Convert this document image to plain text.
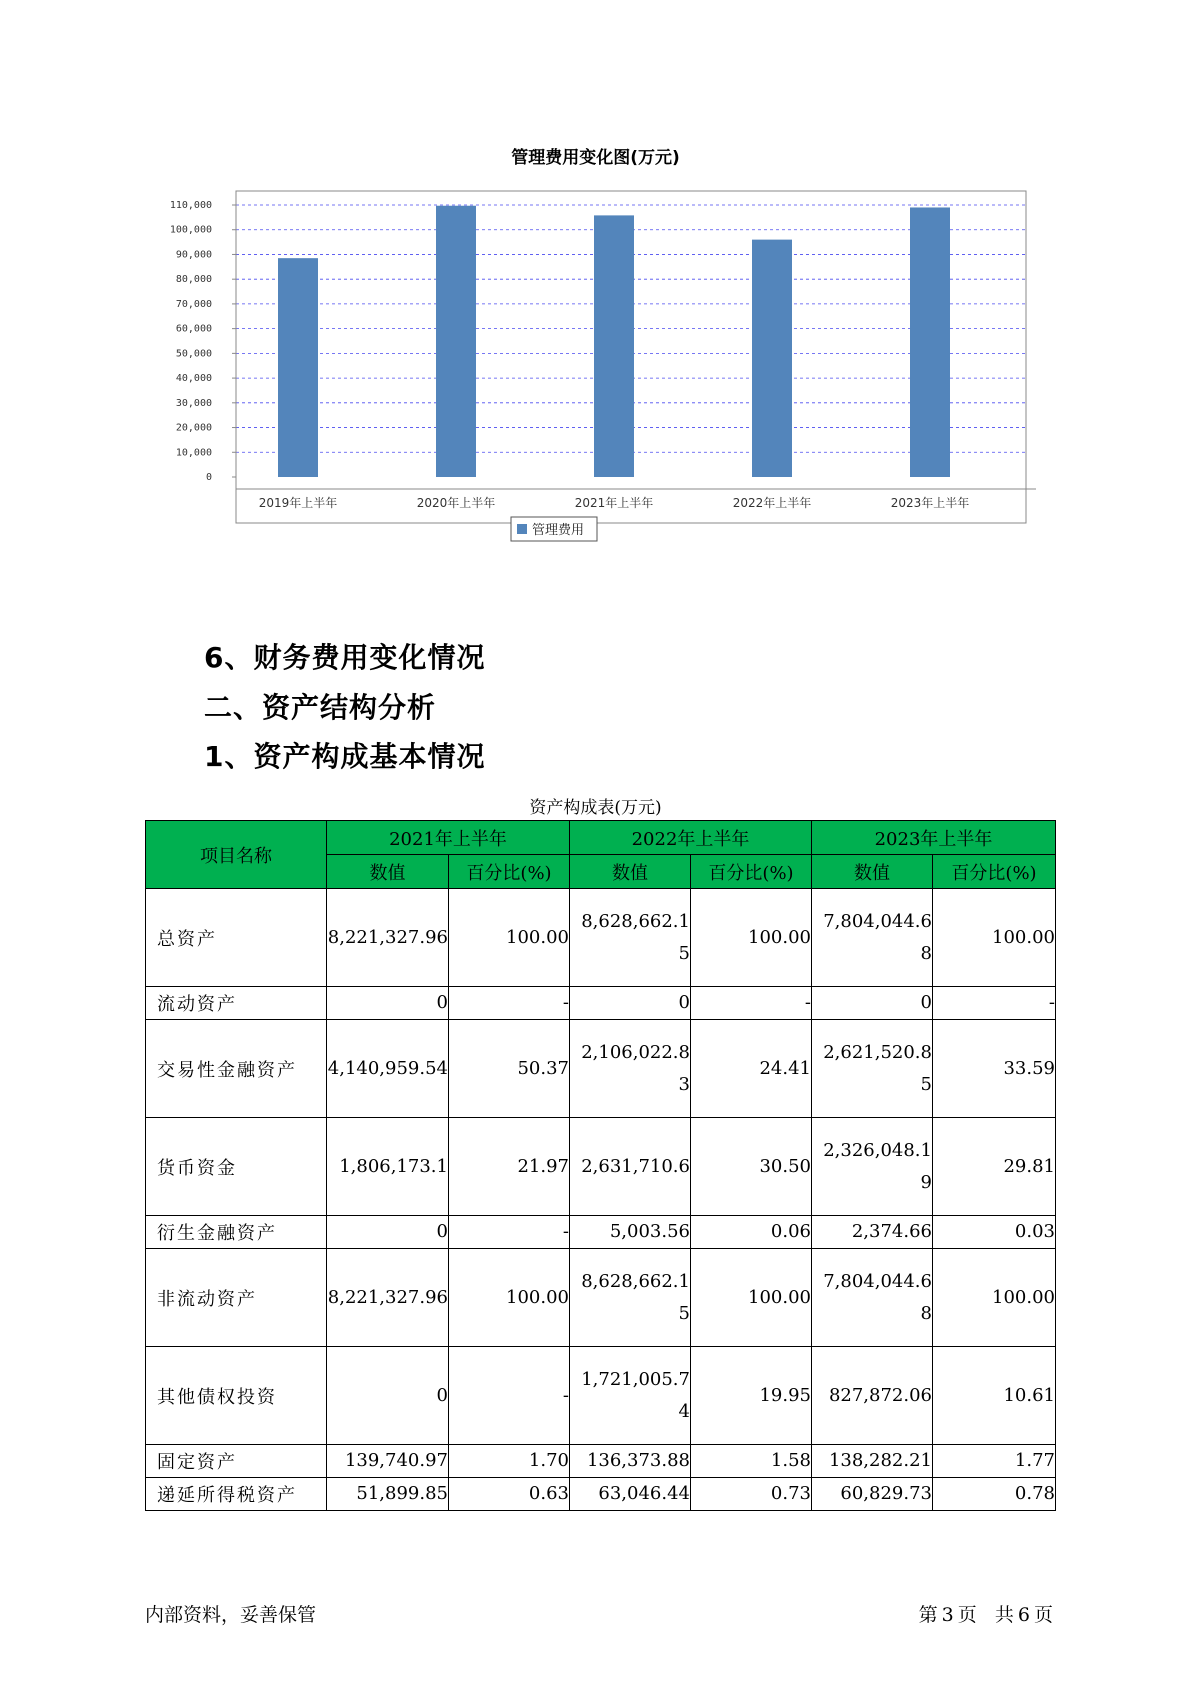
管理费用变化图(万元)
0
10,000
20,000
30,000
40,000
50,000
60,000
70,000
80,000
90,000
100,000
110,000
2019年上半年	2020年上半年	2021年上半年	2022年上半年	2023年上半年
管理费用
6、财务费用变化情况
二、资产结构分析
1、资产构成基本情况
资产构成表(万元)
项目名称	2021年上半年		2022年上半年		2023年上半年	
	数值	百分比(%)	数值	百分比(%)	数值	百分比(%)
总资产	8,221,327.96	100.00	8,628,662.15	100.00	7,804,044.68	100.00

流动资产	0	-	0	-	0	-

交易性金融资产	4,140,959.54	50.37	2,106,022.83	24.41	2,621,520.85	33.59

货币资金	1,806,173.1	21.97	2,631,710.6	30.50	2,326,048.19	29.81

衍生金融资产	0	-	5,003.56	0.06	2,374.66	0.03

非流动资产	8,221,327.96	100.00	8,628,662.15	100.00	7,804,044.68	100.00

其他债权投资	0	-	1,721,005.74	19.95	827,872.06	10.61

固定资产	139,740.97	1.70	136,373.88	1.58	138,282.21	1.77

递延所得税资产	51,899.85	0.63	63,046.44	0.73	60,829.73	0.78
内部资料，妥善保管	第 3 页   共 6 页
